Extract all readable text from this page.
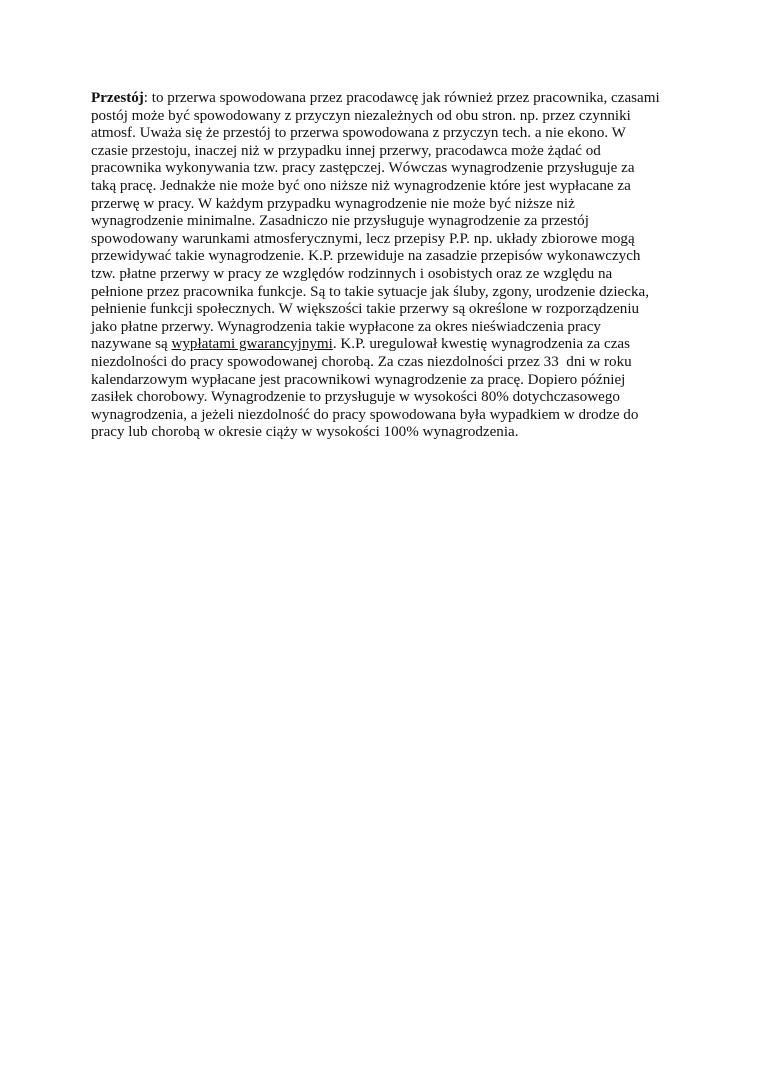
Przestój: to przerwa spowodowana przez pracodawcę jak również przez pracownika, czasami
postój może być spowodowany z przyczyn niezależnych od obu stron. np. przez czynniki
atmosf. Uważa się że przestój to przerwa spowodowana z przyczyn tech. a nie ekono. W
czasie przestoju, inaczej niż w przypadku innej przerwy, pracodawca może żądać od
pracownika wykonywania tzw. pracy zastępczej. Wówczas wynagrodzenie przysługuje za
taką pracę. Jednakże nie może być ono niższe niż wynagrodzenie które jest wypłacane za
przerwę w pracy. W każdym przypadku wynagrodzenie nie może być niższe niż
wynagrodzenie minimalne. Zasadniczo nie przysługuje wynagrodzenie za przestój
spowodowany warunkami atmosferycznymi, lecz przepisy P.P. np. układy zbiorowe mogą
przewidywać takie wynagrodzenie. K.P. przewiduje na zasadzie przepisów wykonawczych
tzw. płatne przerwy w pracy ze względów rodzinnych i osobistych oraz ze względu na
pełnione przez pracownika funkcje. Są to takie sytuacje jak śluby, zgony, urodzenie dziecka,
pełnienie funkcji społecznych. W większości takie przerwy są określone w rozporządzeniu
jako płatne przerwy. Wynagrodzenia takie wypłacone za okres nieświadczenia pracy
nazywane są wypłatami gwarancyjnymi. K.P. uregulował kwestię wynagrodzenia za czas
niezdolności do pracy spowodowanej chorobą. Za czas niezdolności przez 33  dni w roku
kalendarzowym wypłacane jest pracownikowi wynagrodzenie za pracę. Dopiero później
zasiłek chorobowy. Wynagrodzenie to przysługuje w wysokości 80% dotychczasowego
wynagrodzenia, a jeżeli niezdolność do pracy spowodowana była wypadkiem w drodze do
pracy lub chorobą w okresie ciąży w wysokości 100% wynagrodzenia.
